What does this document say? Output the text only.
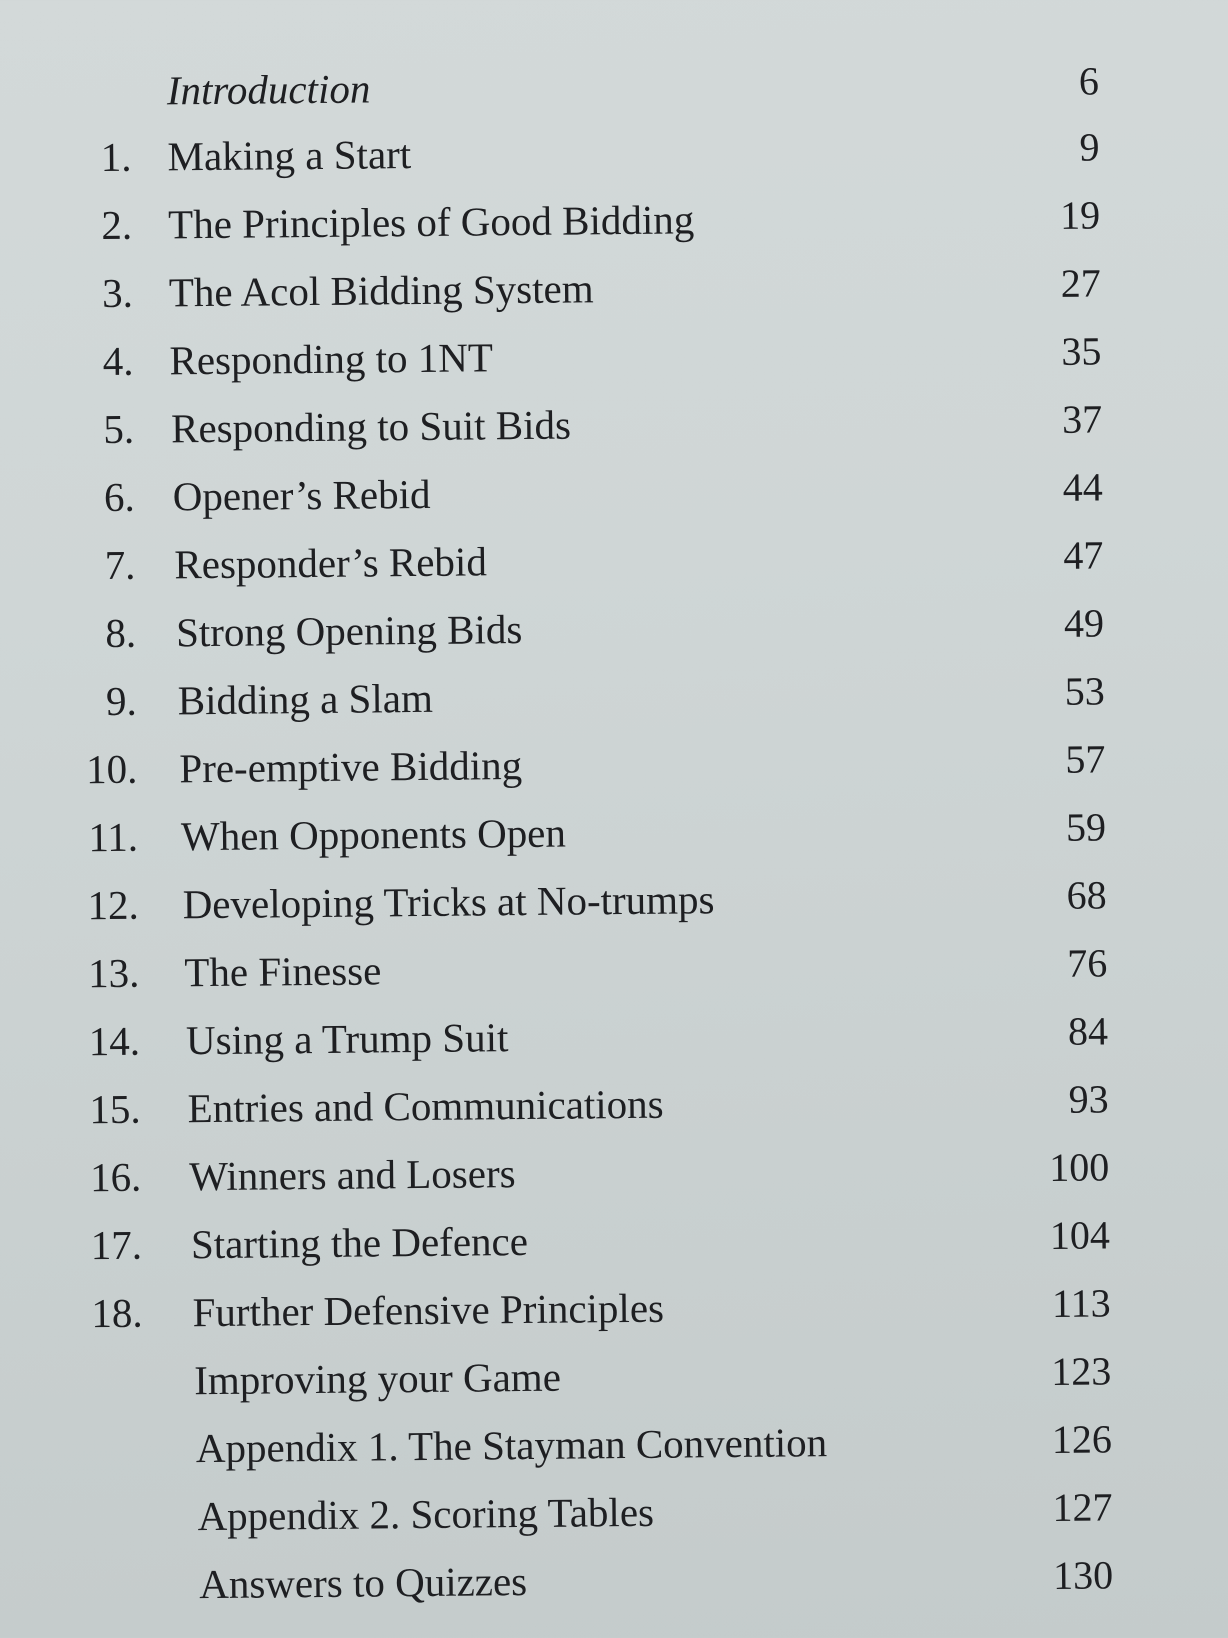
Introduction	6
1. Making a Start	9
2. The Principles of Good Bidding	19
3. The Acol Bidding System	27
4. Responding to 1NT	35
5. Responding to Suit Bids	37
6. Opener’s Rebid	44
7. Responder’s Rebid	47
8. Strong Opening Bids	49
9. Bidding a Slam	53
10. Pre-emptive Bidding	57
11. When Opponents Open	59
12. Developing Tricks at No-trumps	68
13. The Finesse	76
14. Using a Trump Suit	84
15. Entries and Communications	93
16. Winners and Losers	100
17. Starting the Defence	104
18. Further Defensive Principles	113
Improving your Game	123
Appendix 1. The Stayman Convention	126
Appendix 2. Scoring Tables	127
Answers to Quizzes	130
